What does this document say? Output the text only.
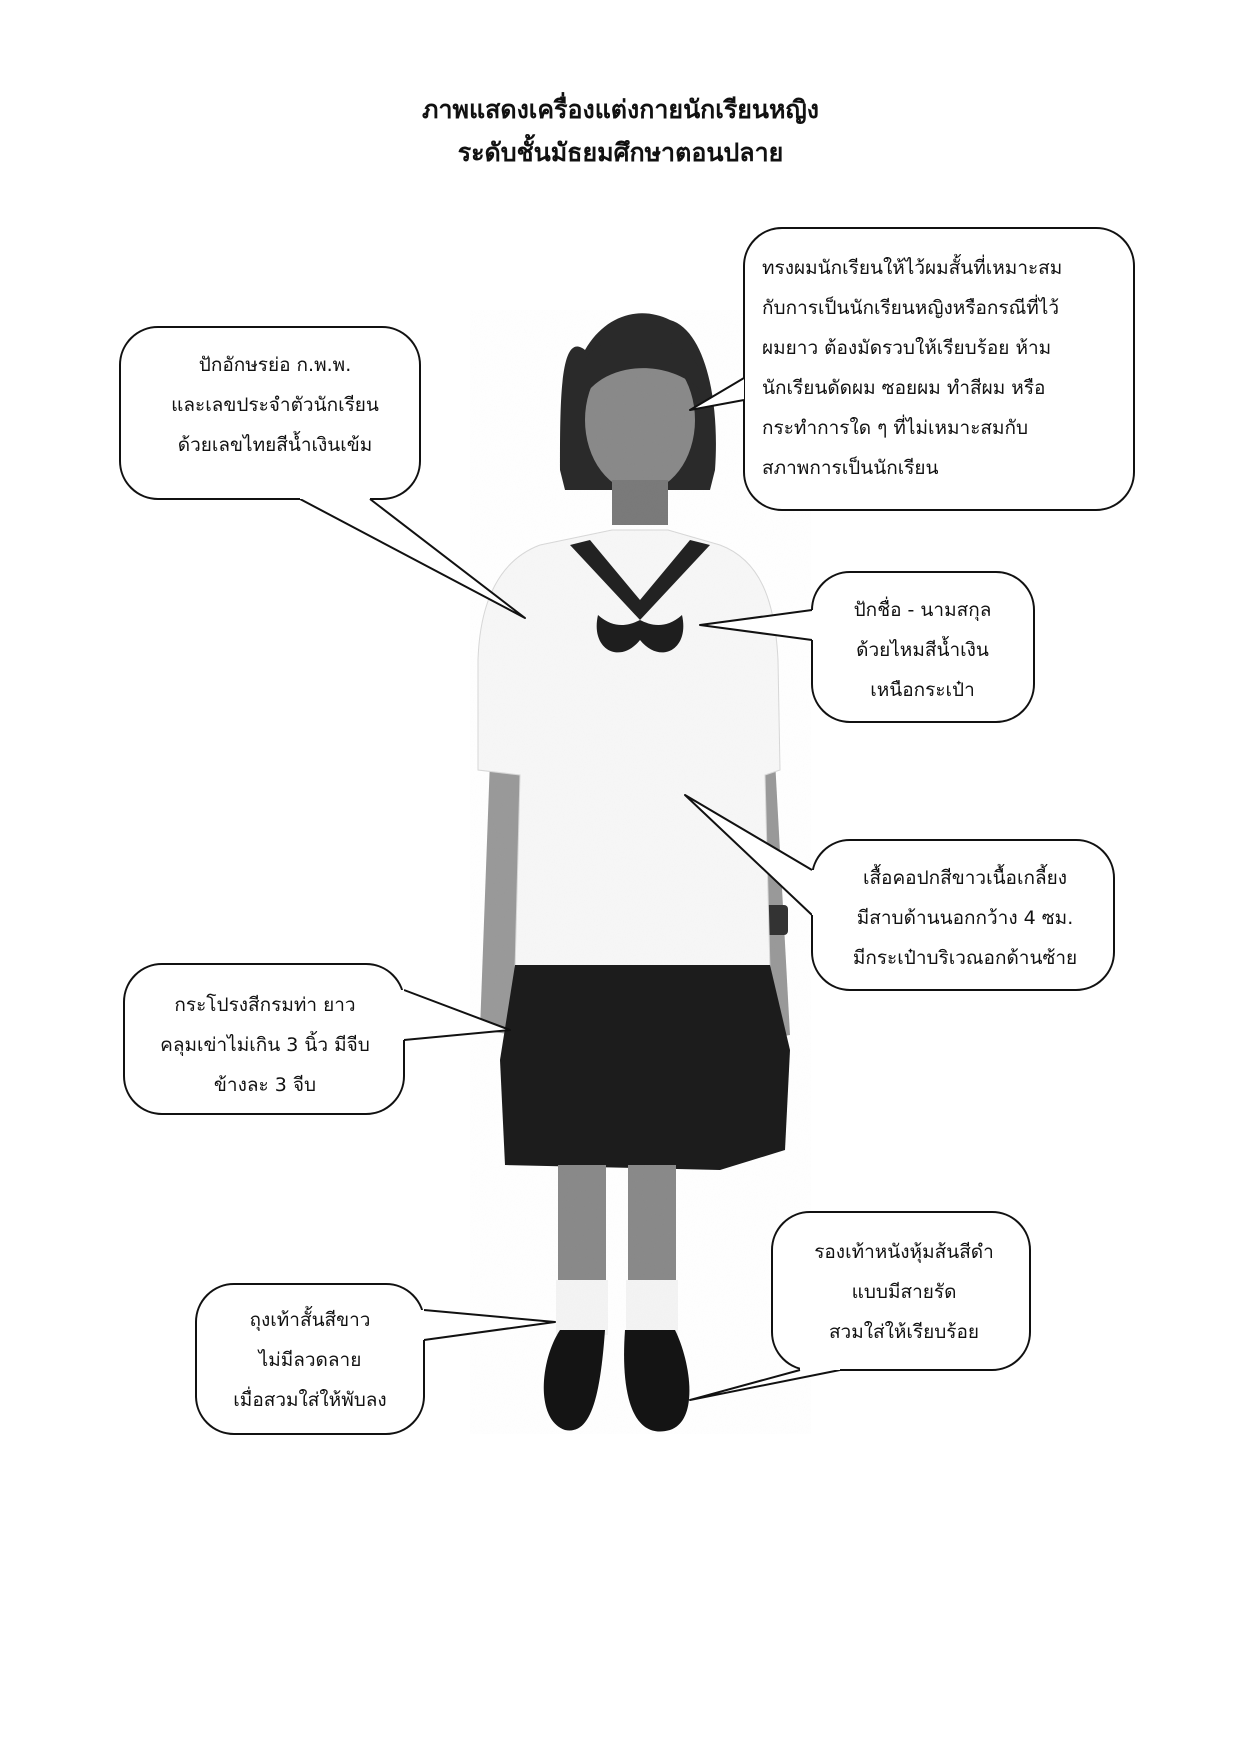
ภาพแสดงเครื่องแต่งกายนักเรียนหญิง
ระดับชั้นมัธยมศึกษาตอนปลาย
ทรงผมนักเรียนให้ไว้ผมสั้นที่เหมาะสม
กับการเป็นนักเรียนหญิงหรือกรณีที่ไว้
ผมยาว ต้องมัดรวบให้เรียบร้อย ห้าม
นักเรียนดัดผม ซอยผม ทำสีผม หรือ
กระทำการใด ๆ ที่ไม่เหมาะสมกับ
สภาพการเป็นนักเรียน
ปักอักษรย่อ ก.พ.พ.
และเลขประจำตัวนักเรียน
ด้วยเลขไทยสีน้ำเงินเข้ม
ปักชื่อ - นามสกุล
ด้วยไหมสีน้ำเงิน
เหนือกระเป๋า
เสื้อคอปกสีขาวเนื้อเกลี้ยง
มีสาบด้านนอกกว้าง 4 ซม.
มีกระเป๋าบริเวณอกด้านซ้าย
กระโปรงสีกรมท่า ยาว
คลุมเข่าไม่เกิน 3 นิ้ว มีจีบ
ข้างละ 3 จีบ
ถุงเท้าสั้นสีขาว
ไม่มีลวดลาย
เมื่อสวมใส่ให้พับลง
รองเท้าหนังหุ้มส้นสีดำ
แบบมีสายรัด
สวมใส่ให้เรียบร้อย
